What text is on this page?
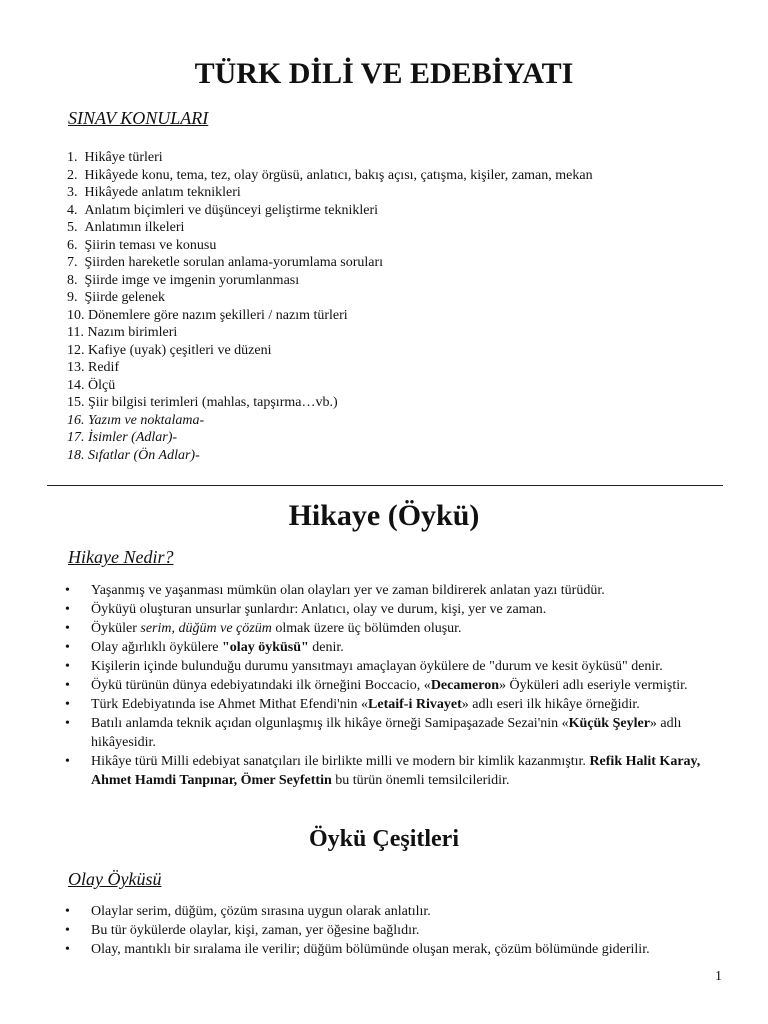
TÜRK DİLİ VE EDEBİYATI

SINAV KONULARI

1.  Hikâye türleri
2.  Hikâyede konu, tema, tez, olay örgüsü, anlatıcı, bakış açısı, çatışma, kişiler, zaman, mekan
3.  Hikâyede anlatım teknikleri
4.  Anlatım biçimleri ve düşünceyi geliştirme teknikleri
5.  Anlatımın ilkeleri
6.  Şiirin teması ve konusu
7.  Şiirden hareketle sorulan anlama-yorumlama soruları
8.  Şiirde imge ve imgenin yorumlanması
9.  Şiirde gelenek
10. Dönemlere göre nazım şekilleri / nazım türleri
11. Nazım birimleri
12. Kafiye (uyak) çeşitleri ve düzeni
13. Redif
14. Ölçü
15. Şiir bilgisi terimleri (mahlas, tapşırma…vb.)
16. Yazım ve noktalama-
17. İsimler (Adlar)-
18. Sıfatlar (Ön Adlar)-
Hikaye (Öykü)

Hikaye Nedir?

• Yaşanmış ve yaşanması mümkün olan olayları yer ve zaman bildirerek anlatan yazı türüdür.
• Öyküyü oluşturan unsurlar şunlardır: Anlatıcı, olay ve durum, kişi, yer ve zaman.
• Öyküler serim, düğüm ve çözüm olmak üzere üç bölümden oluşur.
• Olay ağırlıklı öykülere "olay öyküsü" denir.
• Kişilerin içinde bulunduğu durumu yansıtmayı amaçlayan öykülere de "durum ve kesit öyküsü" denir.
• Öykü türünün dünya edebiyatındaki ilk örneğini Boccacio, «Decameron» Öyküleri adlı eseriyle vermiştir.
• Türk Edebiyatında ise Ahmet Mithat Efendi'nin «Letaif-i Rivayet» adlı eseri ilk hikâye örneğidir.
• Batılı anlamda teknik açıdan olgunlaşmış ilk hikâye örneği Samipaşazade Sezai'nin «Küçük Şeyler» adlı hikâyesidir.
• Hikâye türü Milli edebiyat sanatçıları ile birlikte milli ve modern bir kimlik kazanmıştır. Refik Halit Karay, Ahmet Hamdi Tanpınar, Ömer Seyfettin bu türün önemli temsilcileridir.
Öykü Çeşitleri

Olay Öyküsü

• Olaylar serim, düğüm, çözüm sırasına uygun olarak anlatılır.
• Bu tür öykülerde olaylar, kişi, zaman, yer öğesine bağlıdır.
• Olay, mantıklı bir sıralama ile verilir; düğüm bölümünde oluşan merak, çözüm bölümünde giderilir.
1
